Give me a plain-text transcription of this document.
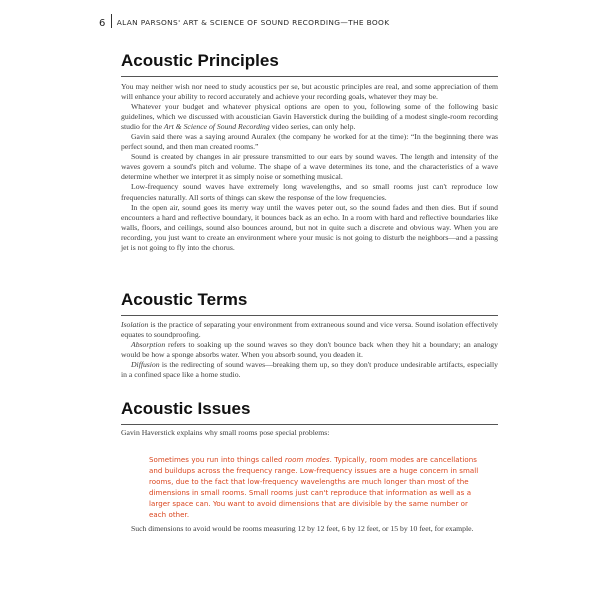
6 ALAN PARSONS' ART & SCIENCE OF SOUND RECORDING—THE BOOK
Acoustic Principles

You may neither wish nor need to study acoustics per se, but acoustic principles are real, and some appreciation of them will enhance your ability to record accurately and achieve your recording goals, whatever they may be.

Whatever your budget and whatever physical options are open to you, following some of the following basic guidelines, which we discussed with acoustician Gavin Haverstick during the building of a modest single-room recording studio for the Art & Science of Sound Recording video series, can only help.

Gavin said there was a saying around Auralex (the company he worked for at the time): “In the beginning there was perfect sound, and then man created rooms.”

Sound is created by changes in air pressure transmitted to our ears by sound waves. The length and intensity of the waves govern a sound's pitch and volume. The shape of a wave determines its tone, and the characteristics of a wave determine whether we interpret it as simply noise or something musical.

Low-frequency sound waves have extremely long wavelengths, and so small rooms just can't reproduce low frequencies naturally. All sorts of things can skew the response of the low frequencies.

In the open air, sound goes its merry way until the waves peter out, so the sound fades and then dies. But if sound encounters a hard and reflective boundary, it bounces back as an echo. In a room with hard and reflective boundaries like walls, floors, and ceilings, sound also bounces around, but not in quite such a discrete and obvious way. When you are recording, you just want to create an environment where your music is not going to disturb the neighbors—and a passing jet is not going to fly into the chorus.

Acoustic Terms

Isolation is the practice of separating your environment from extraneous sound and vice versa. Sound isolation effectively equates to soundproofing.

Absorption refers to soaking up the sound waves so they don't bounce back when they hit a boundary; an analogy would be how a sponge absorbs water. When you absorb sound, you deaden it.

Diffusion is the redirecting of sound waves—breaking them up, so they don't produce undesirable artifacts, especially in a confined space like a home studio.

Acoustic Issues

Gavin Haverstick explains why small rooms pose special problems:

Sometimes you run into things called room modes. Typically, room modes are cancellations and buildups across the frequency range. Low-frequency issues are a huge concern in small rooms, due to the fact that low-frequency wavelengths are much longer than most of the dimensions in small rooms. Small rooms just can't reproduce that information as well as a larger space can. You want to avoid dimensions that are divisible by the same number or each other.

Such dimensions to avoid would be rooms measuring 12 by 12 feet, 6 by 12 feet, or 15 by 10 feet, for example.
